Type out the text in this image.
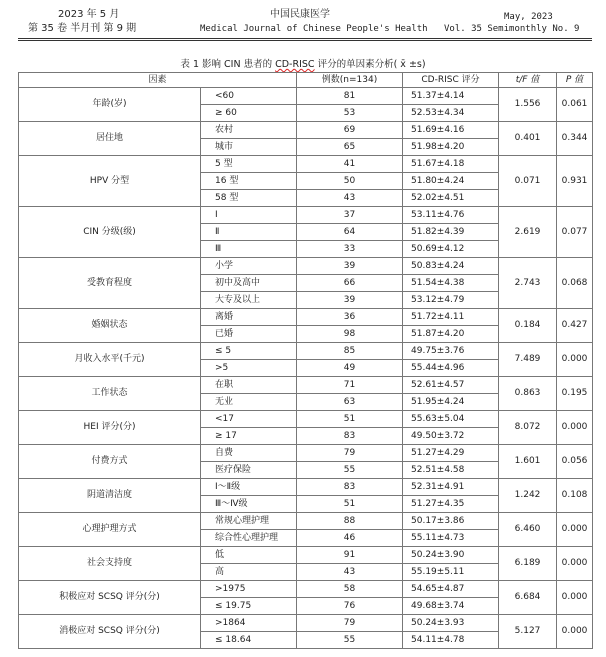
2023 年 5 月
第 35 卷 半月刊 第 9 期
中国民康医学
Medical Journal of Chinese People's Health
May, 2023
Vol. 35 Semimonthly No. 9
表 1 影响 CIN 患者的 CD-RISC 评分的单因素分析( x̄ ±s)
因素		例数(n=134)	CD-RISC 评分	t/F 值	P 值
年龄(岁)	<60	81	51.37±4.14	1.556	0.061
	≥ 60	53	52.53±4.34		
居住地	农村	69	51.69±4.16	0.401	0.344
	城市	65	51.98±4.20		
HPV 分型	5 型	41	51.67±4.18	0.071	0.931
	16 型	50	51.80±4.24		
	58 型	43	52.02±4.51		
CIN 分级(级)	Ⅰ	37	53.11±4.76	2.619	0.077
	Ⅱ	64	51.82±4.39		
	Ⅲ	33	50.69±4.12		
受教育程度	小学	39	50.83±4.24	2.743	0.068
	初中及高中	66	51.54±4.38		
	大专及以上	39	53.12±4.79		
婚姻状态	离婚	36	51.72±4.11	0.184	0.427
	已婚	98	51.87±4.20		
月收入水平(千元)	≤ 5	85	49.75±3.76	7.489	0.000
	>5	49	55.44±4.96		
工作状态	在职	71	52.61±4.57	0.863	0.195
	无业	63	51.95±4.24		
HEI 评分(分)	<17	51	55.63±5.04	8.072	0.000
	≥ 17	83	49.50±3.72		
付费方式	自费	79	51.27±4.29	1.601	0.056
	医疗保险	55	52.51±4.58		
阴道清洁度	Ⅰ～Ⅱ级	83	52.31±4.91	1.242	0.108
	Ⅲ～Ⅳ级	51	51.27±4.35		
心理护理方式	常规心理护理	88	50.17±3.86	6.460	0.000
	综合性心理护理	46	55.11±4.73		
社会支持度	低	91	50.24±3.90	6.189	0.000
	高	43	55.19±5.11		
积极应对 SCSQ 评分(分)	>1975	58	54.65±4.87	6.684	0.000
	≤ 19.75	76	49.68±3.74		
消极应对 SCSQ 评分(分)	>1864	79	50.24±3.93	5.127	0.000
	≤ 18.64	55	54.11±4.78		
